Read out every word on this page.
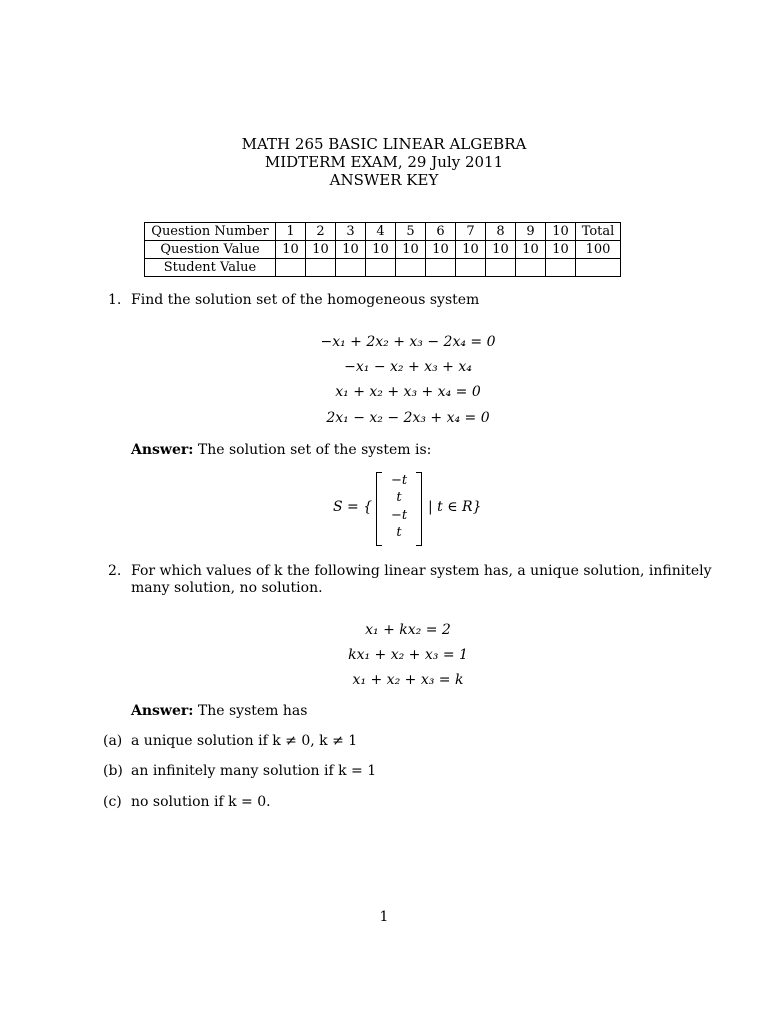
MATH 265 BASIC LINEAR ALGEBRA
MIDTERM EXAM, 29 July 2011
ANSWER KEY
Question Number	1	2	3	4	5	6	7	8	9	10	Total
Question Value	10	10	10	10	10	10	10	10	10	10	100
Student Value											
1. Find the solution set of the homogeneous system
−x₁ + 2x₂ + x₃ − 2x₄ = 0
−x₁ − x₂ + x₃ + x₄
x₁ + x₂ + x₃ + x₄ = 0
2x₁ − x₂ − 2x₃ + x₄ = 0
Answer: The solution set of the system is:
S = {
−t
t
−t
t
| t ∈ R}
2. For which values of k the following linear system has, a unique solution, infinitely
many solution, no solution.
x₁ + kx₂ = 2
kx₁ + x₂ + x₃ = 1
x₁ + x₂ + x₃ = k
Answer: The system has
(a) a unique solution if k ≠ 0, k ≠ 1
(b) an infinitely many solution if k = 1
(c) no solution if k = 0.
1
